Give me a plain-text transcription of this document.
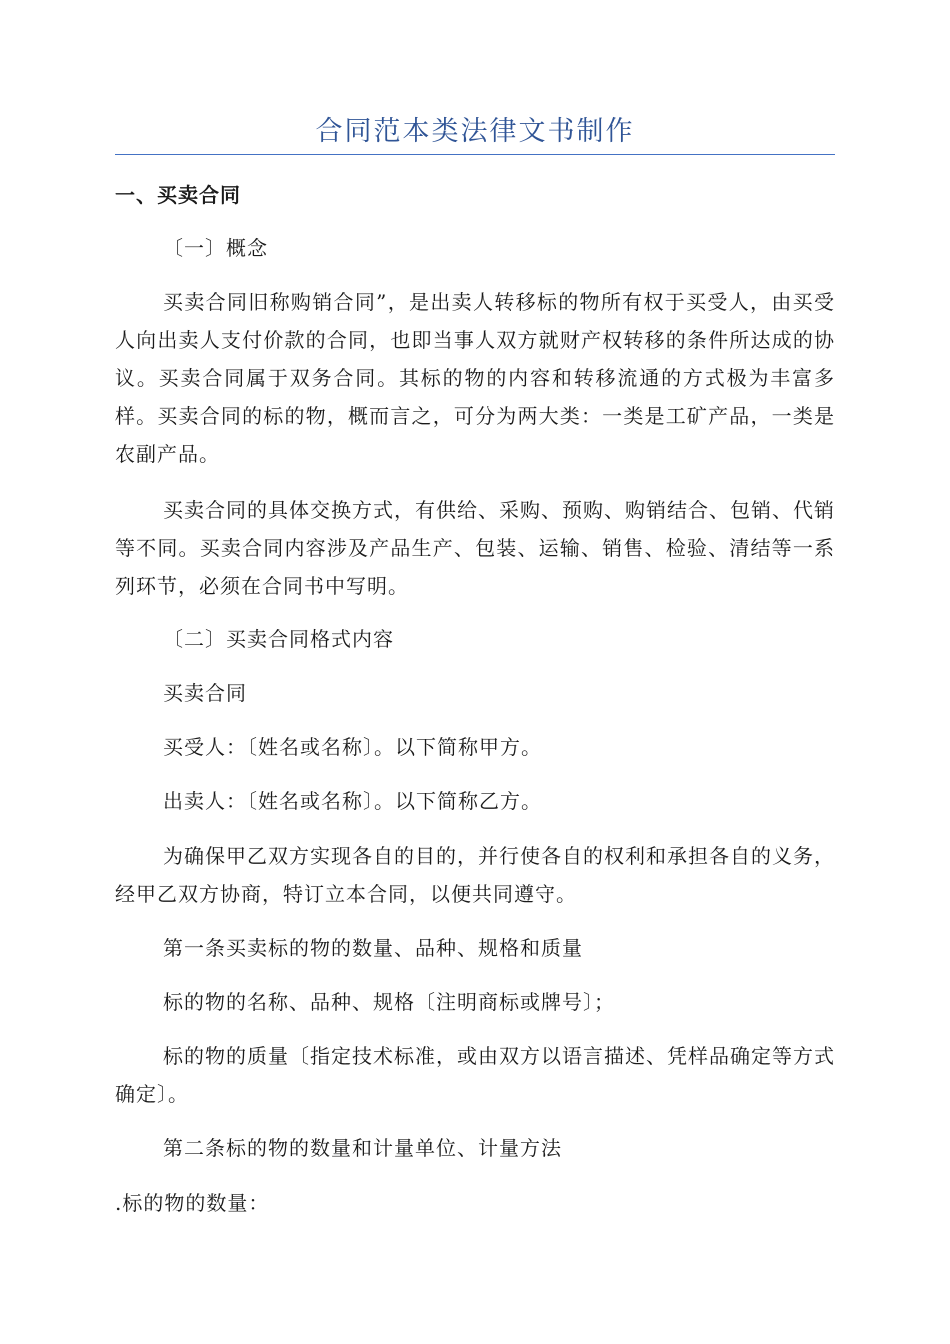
合同范本类法律文书制作
一、买卖合同
〔一〕概念
买卖合同旧称购销合同”，是出卖人转移标的物所有权于买受人，由买受人向出卖人支付价款的合同，也即当事人双方就财产权转移的条件所达成的协议。买卖合同属于双务合同。其标的物的内容和转移流通的方式极为丰富多样。买卖合同的标的物，概而言之，可分为两大类：一类是工矿产品，一类是农副产品。
买卖合同的具体交换方式，有供给、采购、预购、购销结合、包销、代销等不同。买卖合同内容涉及产品生产、包装、运输、销售、检验、清结等一系列环节，必须在合同书中写明。
〔二〕买卖合同格式内容
买卖合同
买受人：〔姓名或名称〕。以下简称甲方。
出卖人：〔姓名或名称〕。以下简称乙方。
为确保甲乙双方实现各自的目的，并行使各自的权利和承担各自的义务，经甲乙双方协商，特订立本合同，以便共同遵守。
第一条买卖标的物的数量、品种、规格和质量
标的物的名称、品种、规格〔注明商标或牌号〕；
标的物的质量〔指定技术标准，或由双方以语言描述、凭样品确定等方式确定〕。
第二条标的物的数量和计量单位、计量方法
.标的物的数量：
